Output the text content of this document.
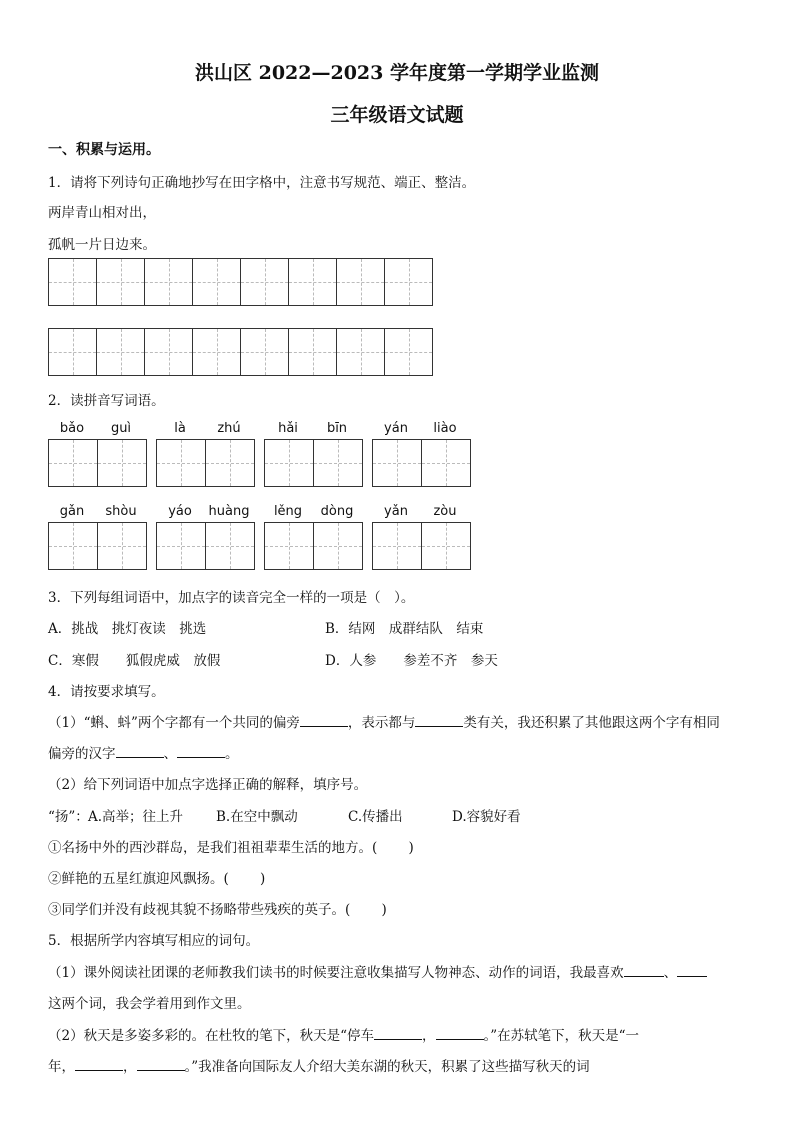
洪山区 2022—2023 学年度第一学期学业监测
三年级语文试题
一、积累与运用。
1．请将下列诗句正确地抄写在田字格中，注意书写规范、端正、整洁。
两岸青山相对出，
孤帆一片日边来。
2．读拼音写词语。
bǎo	guì	là	zhú	hǎi	bīn	yán	liào
gǎn	shòu	yáo	huàng	lěng	dòng	yǎn	zòu
3．下列每组词语中，加点字的读音完全一样的一项是（　）。
A．挑战　挑灯夜读　挑选	B．结网　成群结队　结束
C．寒假　　狐假虎威　放假	D．人参　　参差不齐　参天
4．请按要求填写。
（1）“蝌、蚪”两个字都有一个共同的偏旁	，表示都与	类有关，我还积累了其他跟这两个字有相同
偏旁的汉字	、	。
（2）给下列词语中加点字选择正确的解释，填序号。
“扬”： A.高举；往上升 B.在空中飘动	C.传播出	D.容貌好看
①名扬中外的西沙群岛，是我们祖祖辈辈生活的地方。(　　 )
②鲜艳的五星红旗迎风飘扬。(　　 )
③同学们并没有歧视其貌不扬略带些残疾的英子。(　　 )
5．根据所学内容填写相应的词句。
（1）课外阅读社团课的老师教我们读书的时候要注意收集描写人物神态、动作的词语，我最喜欢	、
这两个词，我会学着用到作文里。
（2）秋天是多姿多彩的。在杜牧的笔下，秋天是“停车	，	。”在苏轼笔下，秋天是“一
年，	，	。”我准备向国际友人介绍大美东湖的秋天，积累了这些描写秋天的词
